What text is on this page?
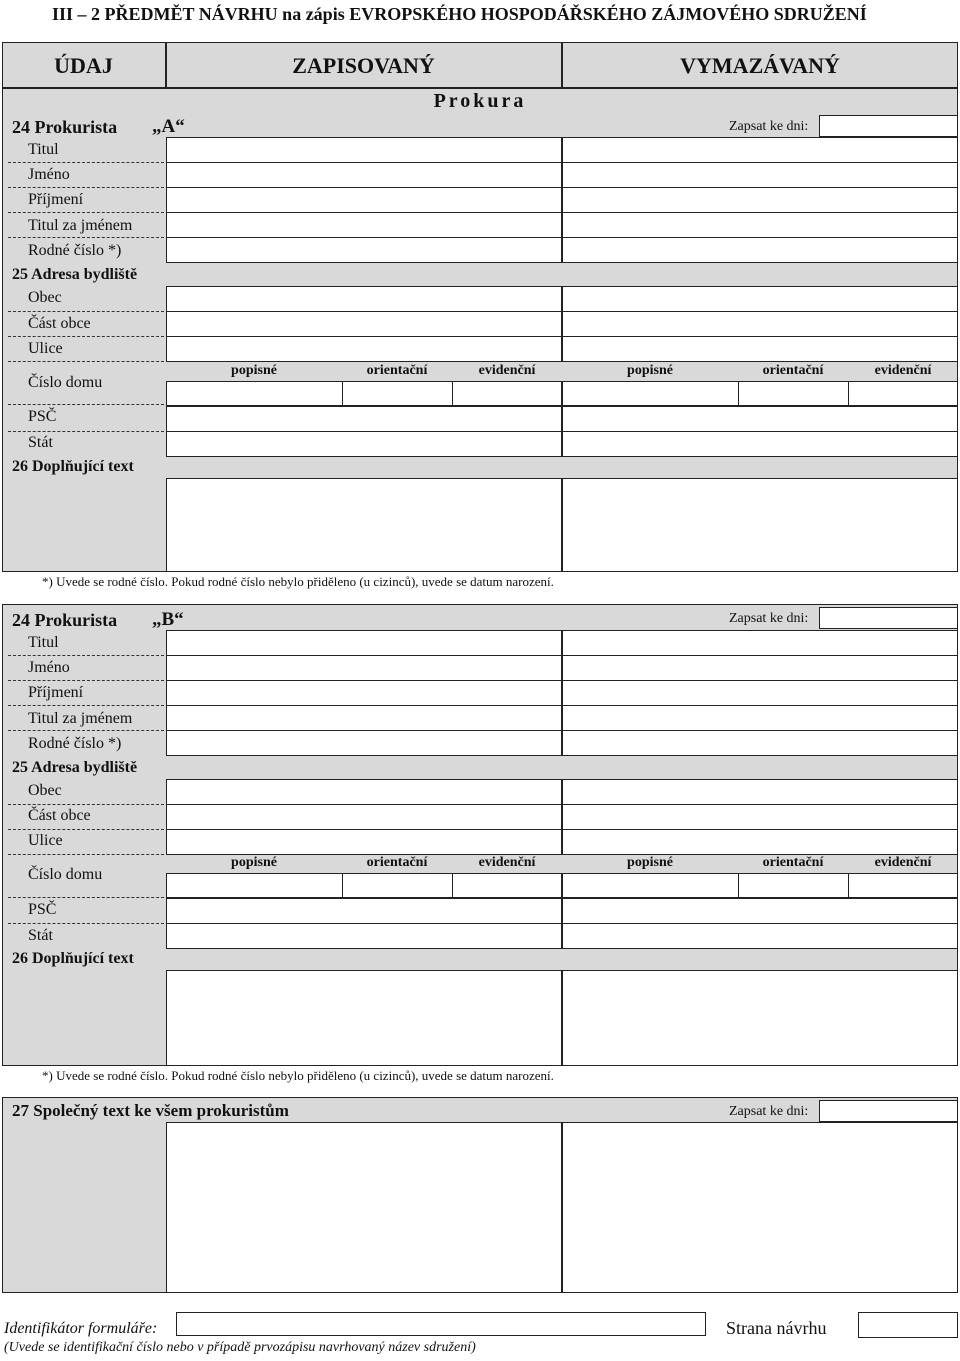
III – 2 PŘEDMĚT NÁVRHU na zápis EVROPSKÉHO HOSPODÁŘSKÉHO ZÁJMOVÉHO SDRUŽENÍ
ÚDAJ	ZAPISOVANÝ	VYMAZÁVANÝ
Prokura
24 Prokurista „A“	Zapsat ke dni:
Titul
Jméno
Příjmení
Titul za jménem
Rodné číslo *)
25 Adresa bydliště
Obec
Část obce
Ulice
Číslo domu
popisné	orientační	evidenční	popisné	orientační	evidenční
PSČ
Stát
26 Doplňující text
*) Uvede se rodné číslo. Pokud rodné číslo nebylo přiděleno (u cizinců), uvede se datum narození.
24 Prokurista „B“	Zapsat ke dni:
Titul
Jméno
Příjmení
Titul za jménem
Rodné číslo *)
25 Adresa bydliště
Obec
Část obce
Ulice
Číslo domu
popisné	orientační	evidenční	popisné	orientační	evidenční
PSČ
Stát
26 Doplňující text
*) Uvede se rodné číslo. Pokud rodné číslo nebylo přiděleno (u cizinců), uvede se datum narození.
27 Společný text ke všem prokuristům	Zapsat ke dni:
Identifikátor formuláře:
(Uvede se identifikační číslo nebo v případě prvozápisu navrhovaný název sdružení)
Strana návrhu
